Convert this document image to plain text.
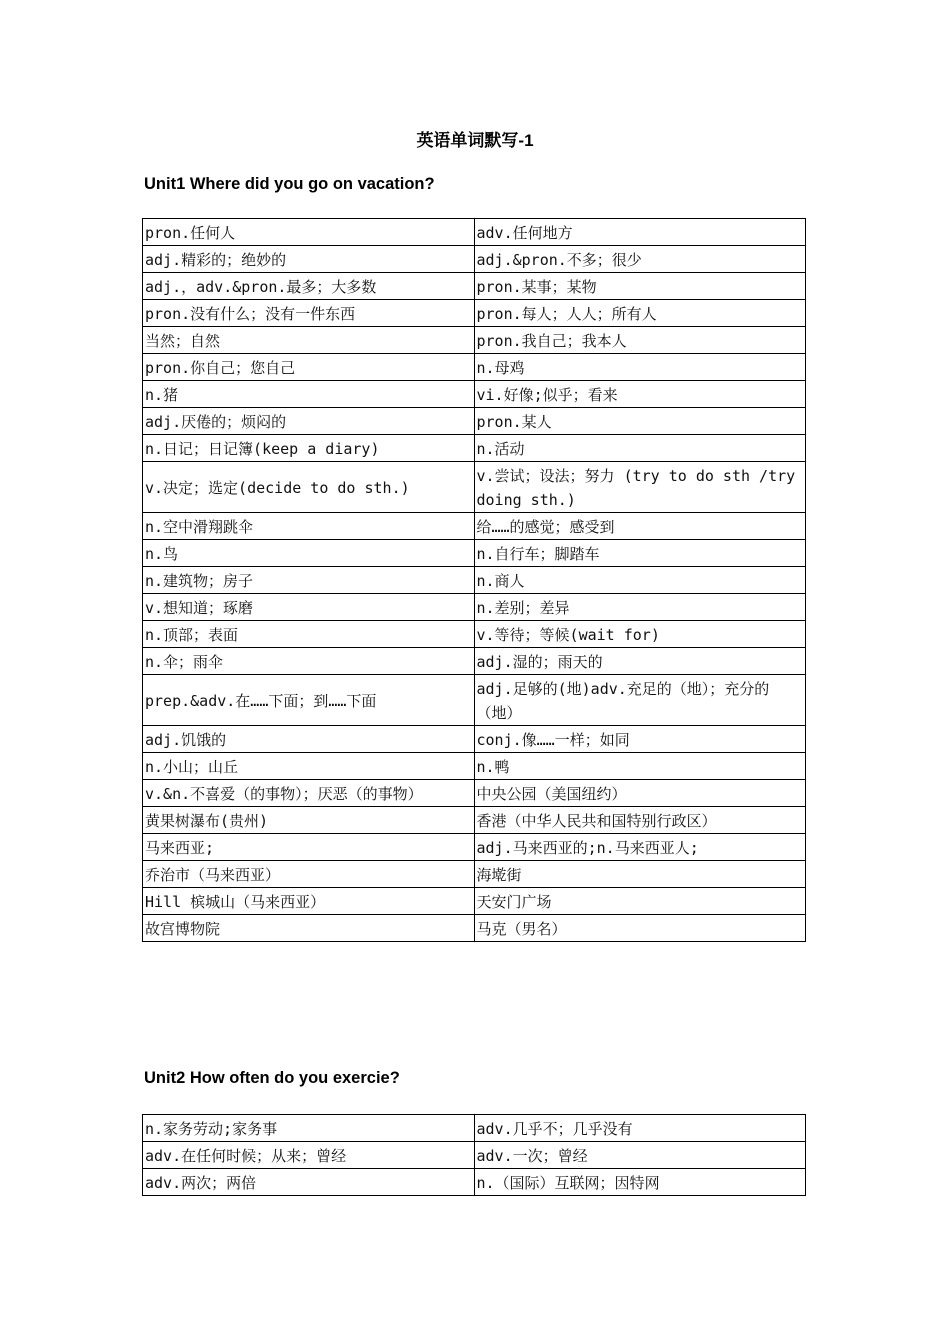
英语单词默写-1
Unit1 Where did you go on vacation?
pron.任何人	adv.任何地方
adj.精彩的；绝妙的	adj.&pron.不多；很少
adj.，adv.&pron.最多；大多数	pron.某事；某物
pron.没有什么；没有一件东西	pron.每人；人人；所有人
当然；自然	pron.我自己；我本人
pron.你自己；您自己	n.母鸡
n.猪	vi.好像;似乎；看来
adj.厌倦的；烦闷的	pron.某人
n.日记；日记簿(keep a diary)	n.活动
v.决定；选定(decide to do sth.)	v.尝试；设法；努力 (try to do sth /try doing sth.)
n.空中滑翔跳伞	给……的感觉；感受到
n.鸟	n.自行车；脚踏车
n.建筑物；房子	n.商人
v.想知道；琢磨	n.差别；差异
n.顶部；表面	v.等待；等候(wait for)
n.伞；雨伞	adj.湿的；雨天的
prep.&adv.在……下面；到……下面	adj.足够的(地)adv.充足的（地）；充分的（地）
adj.饥饿的	conj.像……一样；如同
n.小山；山丘	n.鸭
v.&n.不喜爱（的事物）；厌恶（的事物）	中央公园（美国纽约）
黄果树瀑布(贵州)	香港（中华人民共和国特别行政区）
马来西亚;	adj.马来西亚的;n.马来西亚人;
乔治市（马来西亚）	海墘街
Hill 槟城山（马来西亚）	天安门广场
故宫博物院	马克（男名）
Unit2 How often do you exercie?
n.家务劳动;家务事	adv.几乎不；几乎没有
adv.在任何时候；从来；曾经	adv.一次；曾经
adv.两次；两倍	n.（国际）互联网；因特网
